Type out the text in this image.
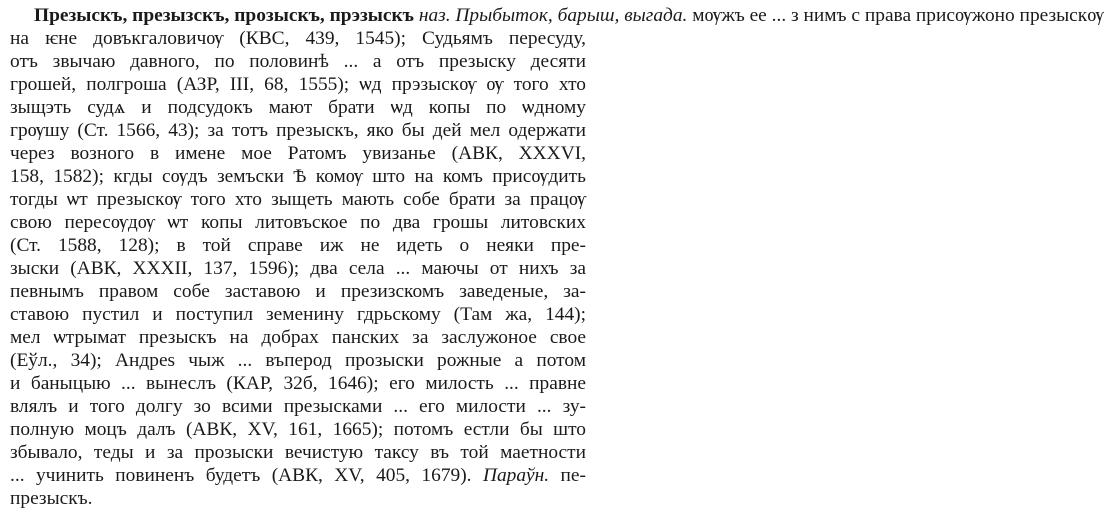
Презыскъ, презызскъ, прозыскъ, прэзыскъ наз. Прыбыток, барыш, выгада. мѹжъ ее ... з нимъ с права присѹжоно презыскѹ
на ѥне довъкгаловичѹ (КВС, 439, 1545); Судьямъ пересуду,
отъ звычаю давного, по половинѣ ... а отъ презыску десяти
грошей, полгроша (АЗР, III, 68, 1555); ѡд прэзыскѹ ѹ того хто
зыщэть судѧ и подсудокъ мают брати ѡд копы по ѡдному
грѹшу (Ст. 1566, 43); за тотъ презыскъ, яко бы дей мел одержати
через возного в имене мое Ратомъ увизанье (АВК, XXXVI,
158, 1582); кгды сѹдъ земъски Ѣ комѹ што на комъ присѹдить
тогды ѡт презыскѹ того хто зыщеть мають собе брати за працѹ
свою пересѹдѹ ѡт копы литовъское по два грошы литовских
(Ст. 1588, 128); в той справе иж не идеть о неяки пре-
зыски (АВК, XXXII, 137, 1596); два села ... маючы от нихъ за
певнымъ правом собе заставою и презизскомъ заведеные, за-
ставою пустил и поступил земенину гдрьскому (Там жа, 144);
мел ѡтрымат презыскъ на добрах панских за заслужоное свое
(Еўл., 34); Андреѕ чыж ... въперод прозыски рожные а потом
и баныцыю ... вынеслъ (КАР, 32б, 1646); его милость ... правне
влялъ и того долгу зо всими презысками ... его милости ... зу-
полную моцъ далъ (АВК, XV, 161, 1665); потомъ естли бы што
збывало, теды и за прозыски вечистую таксу въ той маетности
... учинить повиненъ будетъ (АВК, XV, 405, 1679). Параўн. пе-
презыскъ.
